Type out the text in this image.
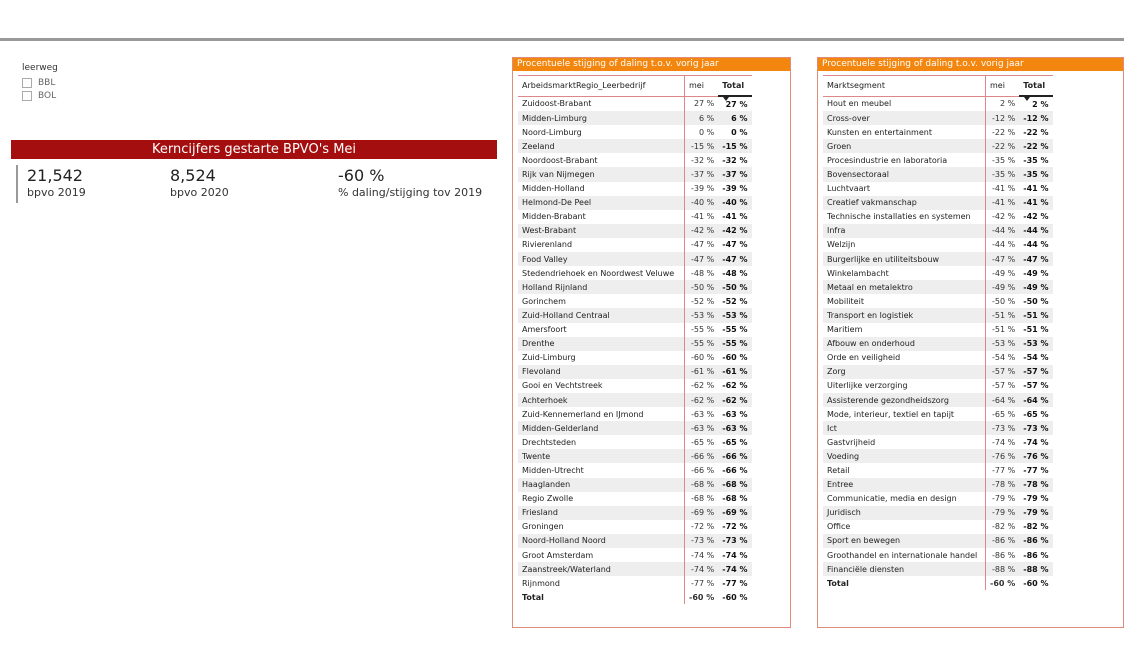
leerweg
BBL
BOL
Kerncijfers gestarte BPVO's Mei
21,542
bpvo 2019
8,524
bpvo 2020
-60 %
% daling/stijging tov 2019
Procentuele stijging of daling t.o.v. vorig jaar
ArbeidsmarktRegio_Leerbedrijf	mei	Total
Zuidoost-Brabant	27 %	27 %
Midden-Limburg	6 %	6 %
Noord-Limburg	0 %	0 %
Zeeland	-15 %	-15 %
Noordoost-Brabant	-32 %	-32 %
Rijk van Nijmegen	-37 %	-37 %
Midden-Holland	-39 %	-39 %
Helmond-De Peel	-40 %	-40 %
Midden-Brabant	-41 %	-41 %
West-Brabant	-42 %	-42 %
Rivierenland	-47 %	-47 %
Food Valley	-47 %	-47 %
Stedendriehoek en Noordwest Veluwe	-48 %	-48 %
Holland Rijnland	-50 %	-50 %
Gorinchem	-52 %	-52 %
Zuid-Holland Centraal	-53 %	-53 %
Amersfoort	-55 %	-55 %
Drenthe	-55 %	-55 %
Zuid-Limburg	-60 %	-60 %
Flevoland	-61 %	-61 %
Gooi en Vechtstreek	-62 %	-62 %
Achterhoek	-62 %	-62 %
Zuid-Kennemerland en IJmond	-63 %	-63 %
Midden-Gelderland	-63 %	-63 %
Drechtsteden	-65 %	-65 %
Twente	-66 %	-66 %
Midden-Utrecht	-66 %	-66 %
Haaglanden	-68 %	-68 %
Regio Zwolle	-68 %	-68 %
Friesland	-69 %	-69 %
Groningen	-72 %	-72 %
Noord-Holland Noord	-73 %	-73 %
Groot Amsterdam	-74 %	-74 %
Zaanstreek/Waterland	-74 %	-74 %
Rijnmond	-77 %	-77 %
Total	-60 %	-60 %
Procentuele stijging of daling t.o.v. vorig jaar
Marktsegment	mei	Total
Hout en meubel	2 %	2 %
Cross-over	-12 %	-12 %
Kunsten en entertainment	-22 %	-22 %
Groen	-22 %	-22 %
Procesindustrie en laboratoria	-35 %	-35 %
Bovensectoraal	-35 %	-35 %
Luchtvaart	-41 %	-41 %
Creatief vakmanschap	-41 %	-41 %
Technische installaties en systemen	-42 %	-42 %
Infra	-44 %	-44 %
Welzijn	-44 %	-44 %
Burgerlijke en utiliteitsbouw	-47 %	-47 %
Winkelambacht	-49 %	-49 %
Metaal en metalektro	-49 %	-49 %
Mobiliteit	-50 %	-50 %
Transport en logistiek	-51 %	-51 %
Maritiem	-51 %	-51 %
Afbouw en onderhoud	-53 %	-53 %
Orde en veiligheid	-54 %	-54 %
Zorg	-57 %	-57 %
Uiterlijke verzorging	-57 %	-57 %
Assisterende gezondheidszorg	-64 %	-64 %
Mode, interieur, textiel en tapijt	-65 %	-65 %
Ict	-73 %	-73 %
Gastvrijheid	-74 %	-74 %
Voeding	-76 %	-76 %
Retail	-77 %	-77 %
Entree	-78 %	-78 %
Communicatie, media en design	-79 %	-79 %
Juridisch	-79 %	-79 %
Office	-82 %	-82 %
Sport en bewegen	-86 %	-86 %
Groothandel en internationale handel	-86 %	-86 %
Financiële diensten	-88 %	-88 %
Total	-60 %	-60 %
